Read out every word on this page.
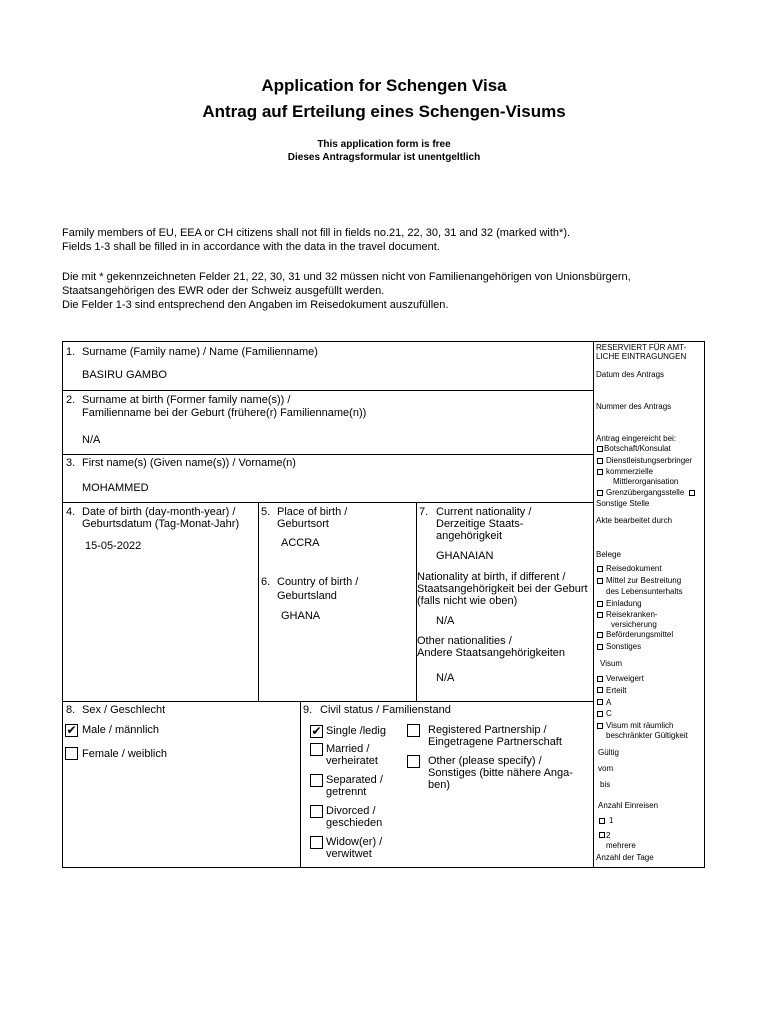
Application for Schengen Visa
Antrag auf Erteilung eines Schengen-Visums
This application form is free
Dieses Antragsformular ist unentgeltlich
Family members of EU, EEA or CH citizens shall not fill in fields no.21, 22, 30, 31 and 32 (marked with*).
Fields 1-3 shall be filled in in accordance with the data in the travel document.
Die mit * gekennzeichneten Felder 21, 22, 30, 31 und 32 müssen nicht von Familienangehörigen von Unionsbürgern,
Staatsangehörigen des EWR oder der Schweiz ausgefüllt werden.
Die Felder 1-3 sind entsprechend den Angaben im Reisedokument auszufüllen.
1. Surname (Family name) / Name (Familienname)
BASIRU GAMBO
2. Surname at birth (Former family name(s)) /
Familienname bei der Geburt (frühere(r) Familienname(n))
N/A
3. First name(s) (Given name(s)) / Vorname(n)
MOHAMMED
4. Date of birth (day-month-year) /
Geburtsdatum (Tag-Monat-Jahr)
15-05-2022
5. Place of birth /
Geburtsort
ACCRA
6. Country of birth /
Geburtsland
GHANA
7. Current nationality /
Derzeitige Staats-
angehörigkeit
GHANAIAN
Nationality at birth, if different /
Staatsangehörigkeit bei der Geburt
(falls nicht wie oben)
N/A
Other nationalities /
Andere Staatsangehörigkeiten
N/A
8. Sex / Geschlecht
✔ Male / männlich
Female / weiblich
9. Civil status / Familienstand
✔ Single /ledig
Married /
verheiratet
Separated /
getrennt
Divorced /
geschieden
Widow(er) /
verwitwet
Registered Partnership /
Eingetragene Partnerschaft
Other (please specify) /
Sonstiges (bitte nähere Anga-
ben)
RESERVIERT FÜR AMT-
LICHE EINTRAGUNGEN
Datum des Antrags
Nummer des Antrags
Antrag eingereicht bei:
Botschaft/Konsulat
Dienstleistungserbringer
kommerzielle
Mittlerorganisation
Grenzübergangsstelle
Sonstige Stelle
Akte bearbeitet durch
Belege
Reisedokument
Mittel zur Bestreitung
des Lebensunterhalts
Einladung
Reisekranken-
versicherung
Beförderungsmittel
Sonstiges
Visum
Verweigert
Erteilt
A
C
Visum mit räumlich
beschränkter Gültigkeit
Gültig
vom
bis
Anzahl Einreisen
1
2
mehrere
Anzahl der Tage
